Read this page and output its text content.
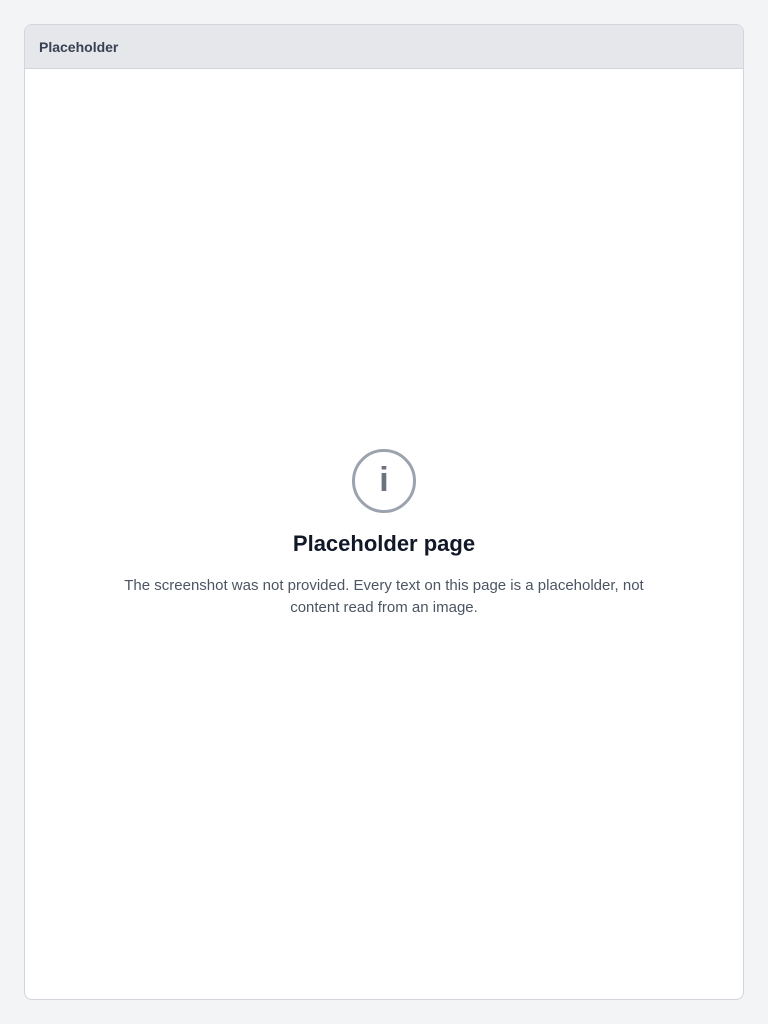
Placeholder
i
Placeholder page
The screenshot was not provided. Every text on this page is a placeholder, not content read from an image.
